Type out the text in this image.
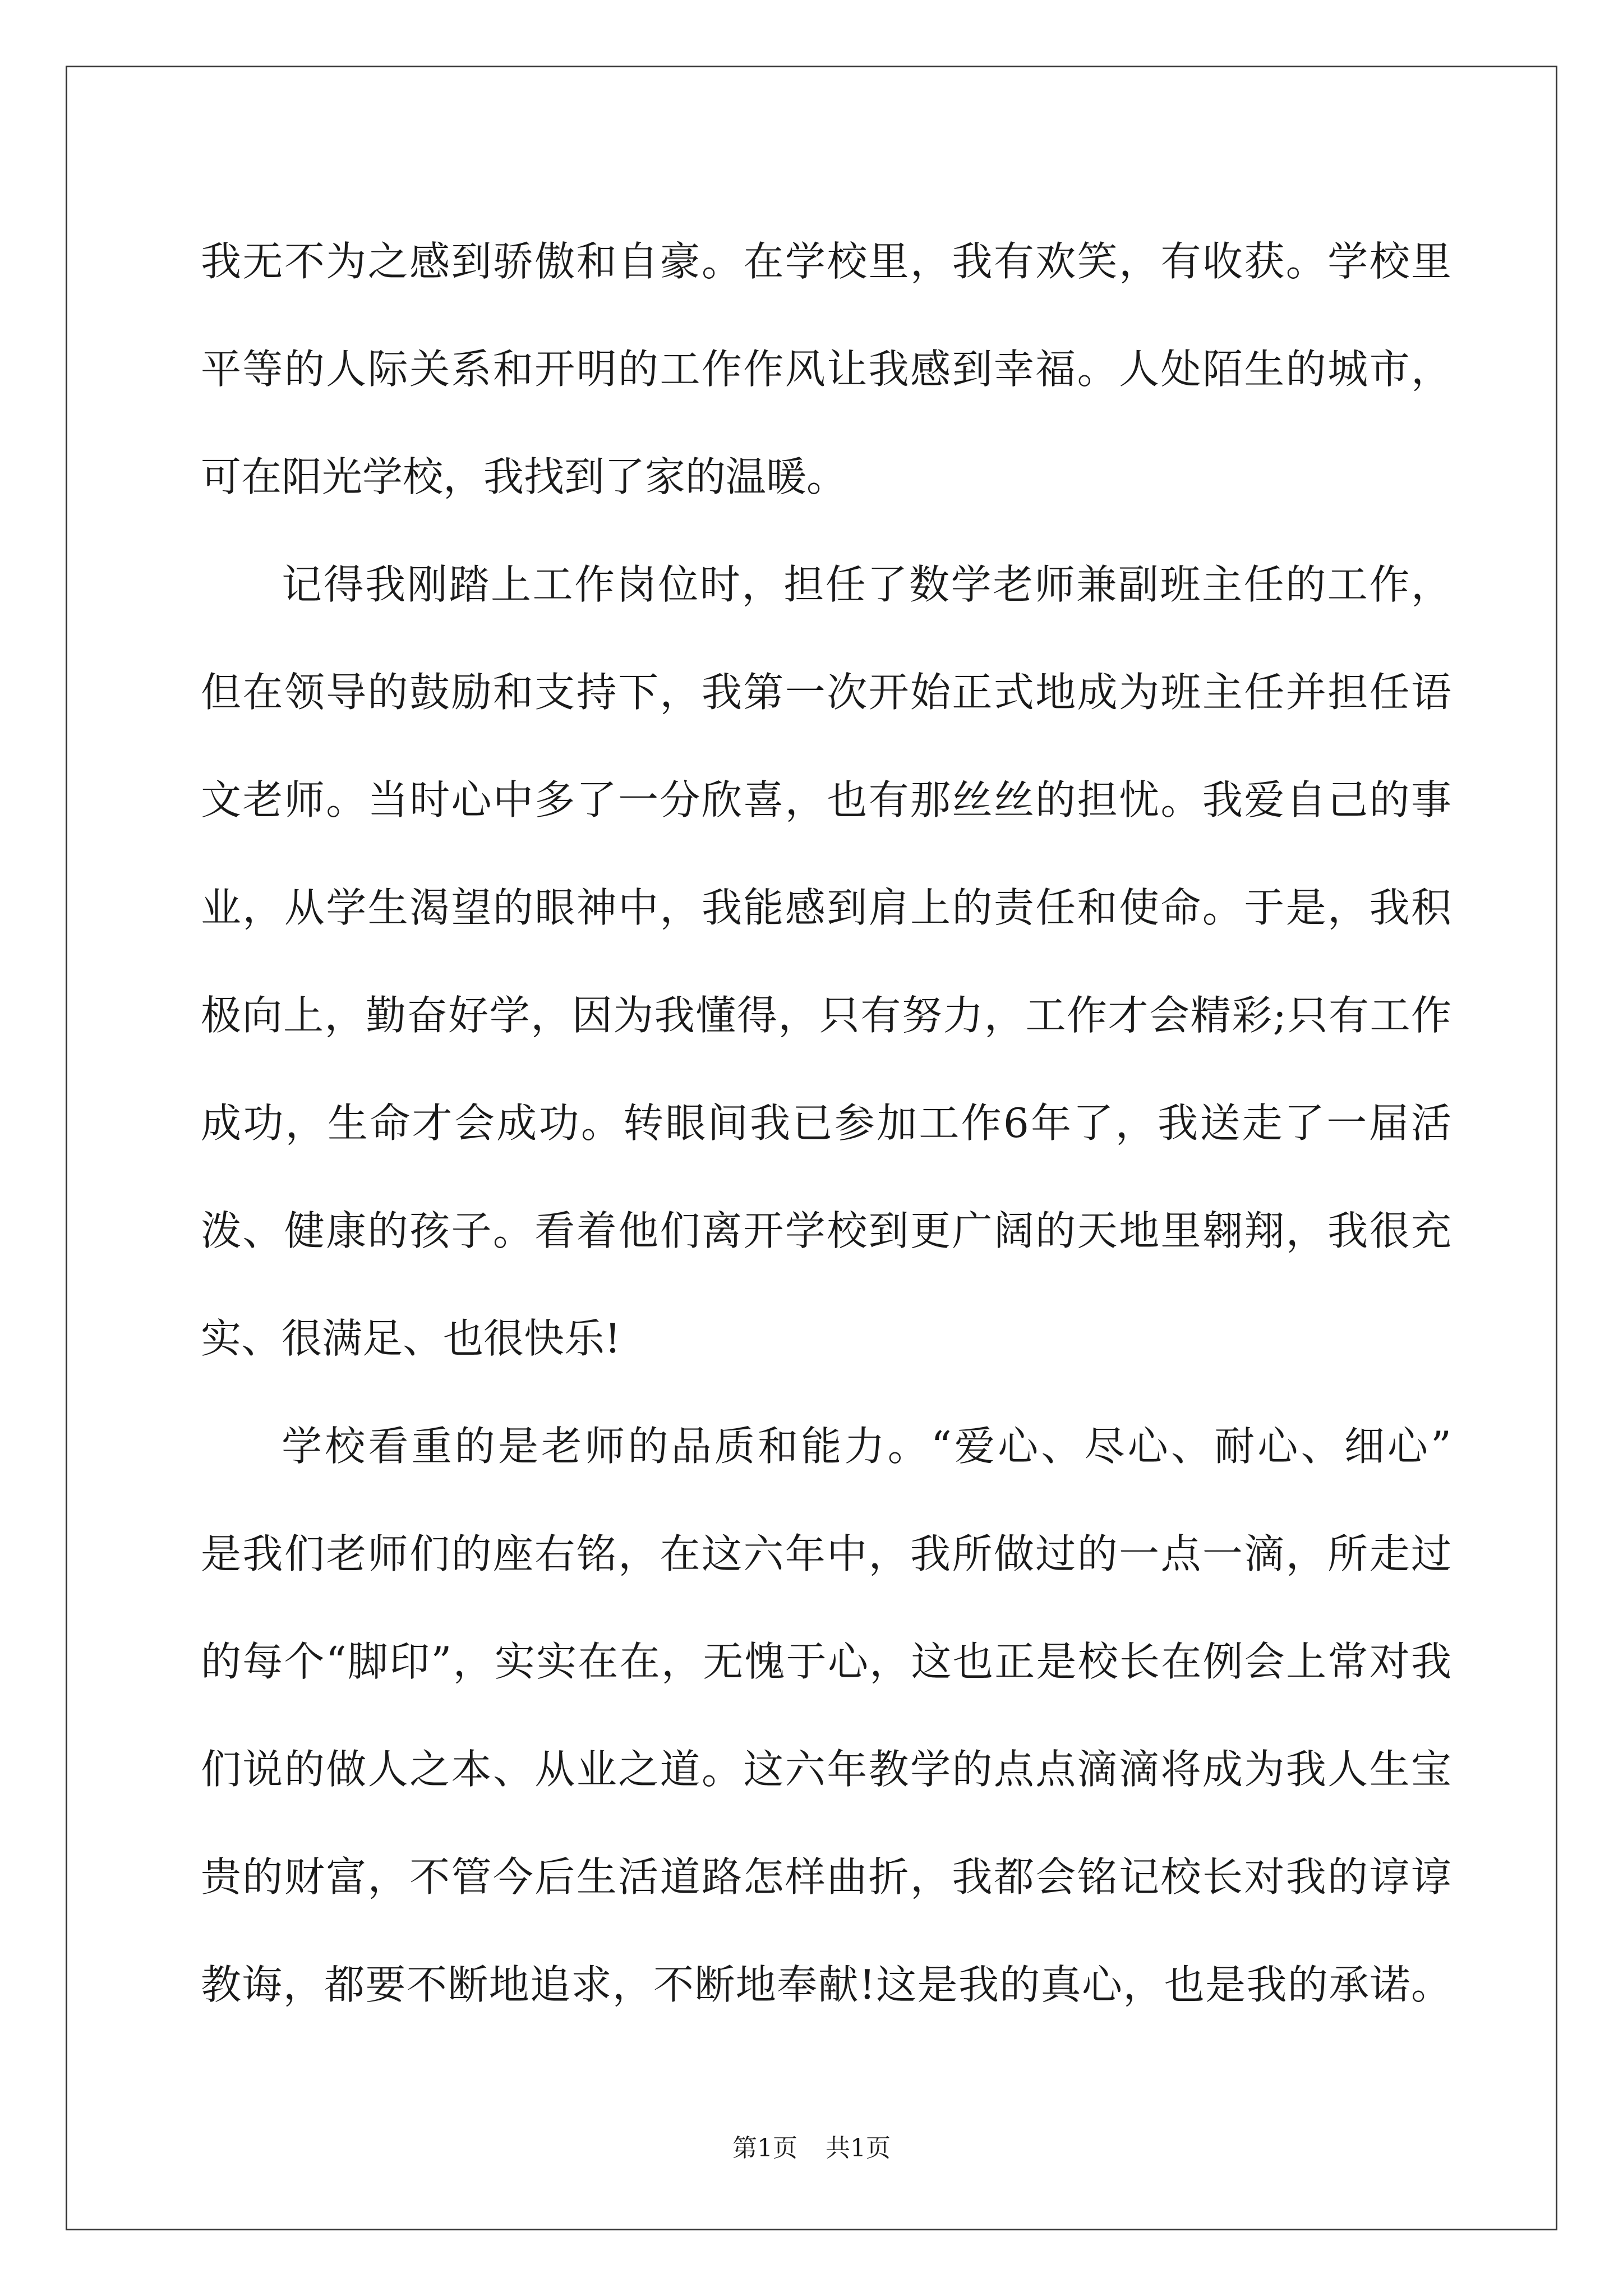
我无不为之感到骄傲和自豪。在学校里，我有欢笑，有收获。学校里
平等的人际关系和开明的工作作风让我感到幸福。人处陌生的城市，
可在阳光学校，我找到了家的温暖。
记得我刚踏上工作岗位时，担任了数学老师兼副班主任的工作，
但在领导的鼓励和支持下，我第一次开始正式地成为班主任并担任语
文老师。当时心中多了一分欣喜，也有那丝丝的担忧。我爱自己的事
业，从学生渴望的眼神中，我能感到肩上的责任和使命。于是，我积
极向上，勤奋好学，因为我懂得，只有努力，工作才会精彩;只有工作
成功，生命才会成功。转眼间我已参加工作6年了，我送走了一届活
泼、健康的孩子。看着他们离开学校到更广阔的天地里翱翔，我很充
实、很满足、也很快乐!
学校看重的是老师的品质和能力。“爱心、尽心、耐心、细心”
是我们老师们的座右铭，在这六年中，我所做过的一点一滴，所走过
的每个“脚印”，实实在在，无愧于心，这也正是校长在例会上常对我
们说的做人之本、从业之道。这六年教学的点点滴滴将成为我人生宝
贵的财富，不管今后生活道路怎样曲折，我都会铭记校长对我的谆谆
教诲，都要不断地追求，不断地奉献!这是我的真心，也是我的承诺。
第1页 共1页
